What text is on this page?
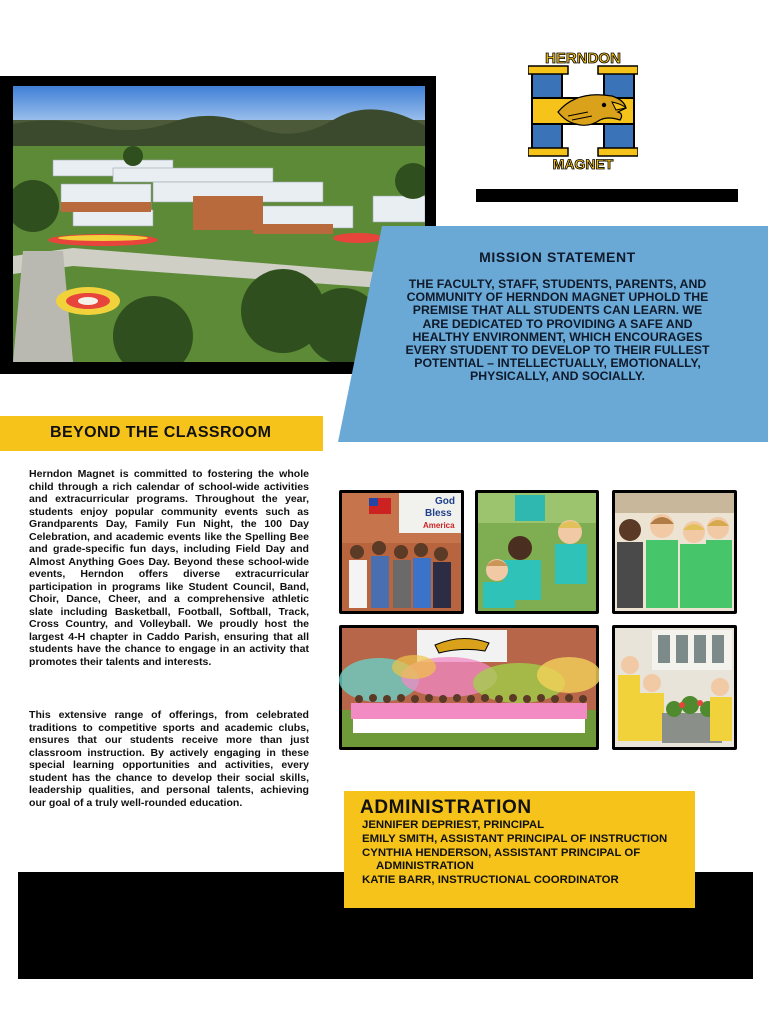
HERNDON
MAGNET
MISSION STATEMENT
THE FACULTY, STAFF, STUDENTS, PARENTS, AND COMMUNITY OF HERNDON MAGNET UPHOLD THE PREMISE THAT ALL STUDENTS CAN LEARN. WE ARE DEDICATED TO PROVIDING A SAFE AND HEALTHY ENVIRONMENT, WHICH ENCOURAGES EVERY STUDENT TO DEVELOP TO THEIR FULLEST POTENTIAL – INTELLECTUALLY, EMOTIONALLY, PHYSICALLY, AND SOCIALLY.
BEYOND THE CLASSROOM
Herndon Magnet is committed to fostering the whole child through a rich calendar of school-wide activities and extracurricular programs. Throughout the year, students enjoy popular community events such as Grandparents Day, Family Fun Night, the 100 Day Celebration, and academic events like the Spelling Bee and grade-specific fun days, including Field Day and Almost Anything Goes Day. Beyond these school-wide events, Herndon offers diverse extracurricular participation in programs like Student Council, Band, Choir, Dance, Cheer, and a comprehensive athletic slate including Basketball, Football, Softball, Track, Cross Country, and Volleyball. We proudly host the largest 4-H chapter in Caddo Parish, ensuring that all students have the chance to engage in an activity that promotes their talents and interests.
This extensive range of offerings, from celebrated traditions to competitive sports and academic clubs, ensures that our students receive more than just classroom instruction. By actively engaging in these special learning opportunities and activities, every student has the chance to develop their social skills, leadership qualities, and personal talents, achieving our goal of a truly well-rounded education.
God
Bless
America
ADMINISTRATION
JENNIFER DEPRIEST, PRINCIPAL
EMILY SMITH, ASSISTANT PRINCIPAL OF INSTRUCTION
CYNTHIA HENDERSON, ASSISTANT PRINCIPAL OF ADMINISTRATION
KATIE BARR, INSTRUCTIONAL COORDINATOR
